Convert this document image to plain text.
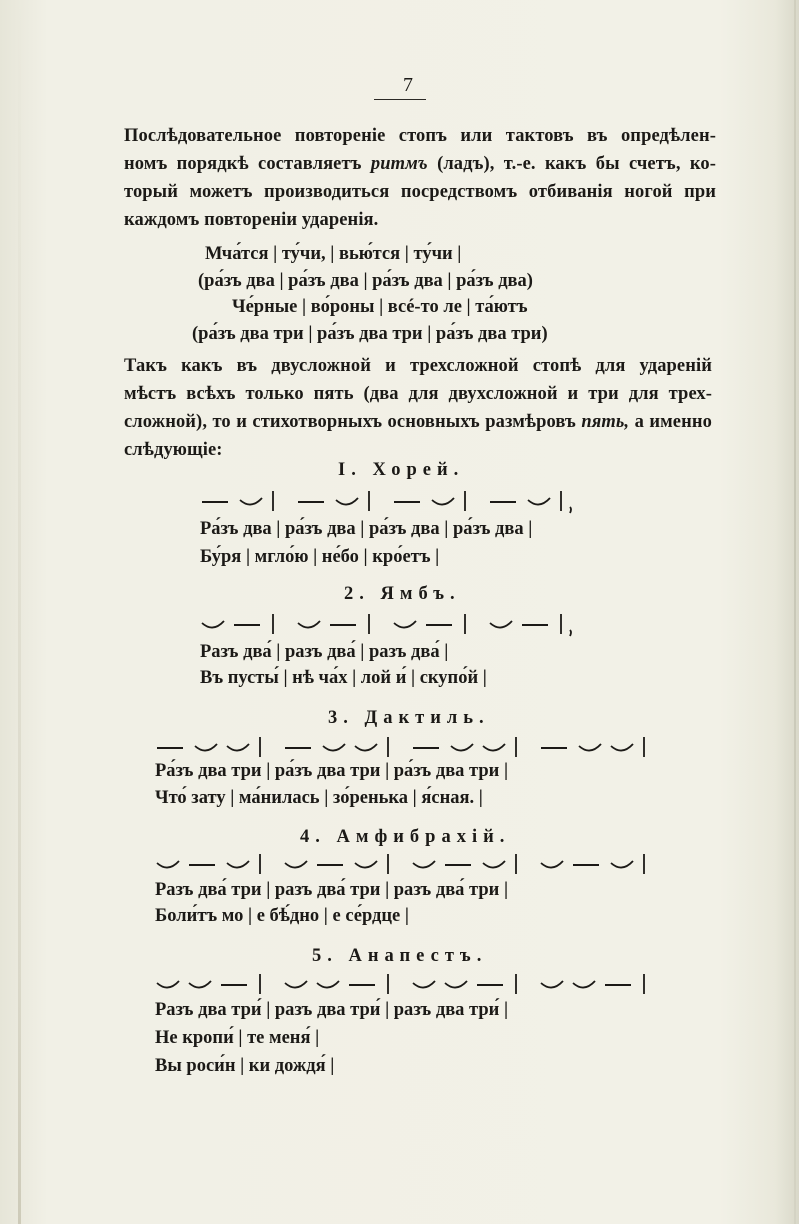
7
Послѣдовательное повтореніе стопъ или тактовъ въ опредѣлен-
номъ порядкѣ составляетъ ритмъ (ладъ), т.-е. какъ бы счетъ, ко-
торый можетъ производиться посредствомъ отбиванія ногой при
каждомъ повтореніи ударенія.
Мча́тся | ту́чи, | вью́тся | ту́чи |
(ра́зъ два | ра́зъ два | ра́зъ два | ра́зъ два)
Че́рные | во́роны | всé-то ле | та́ютъ
(ра́зъ два три | ра́зъ два три | ра́зъ два три)
Такъ какъ въ двусложной и трехсложной стопѣ для удареній
мѣстъ всѣхъ только пять (два для двухсложной и три для трех-
сложной), то и стихотворныхъ основныхъ размѣровъ пять, а именно
слѣдующіе:
I. Хорей.
Ра́зъ два | ра́зъ два | ра́зъ два | ра́зъ два |
Бу́ря | мгло́ю | не́бо | кро́етъ |
2. Ямбъ.
Разъ два́ | разъ два́ | разъ два́ |
Въ пусты́ | нѣ ча́х | лой и́ | скупо́й |
3. Дактиль.
Ра́зъ два три | ра́зъ два три | ра́зъ два три |
Что́ зату | ма́нилась | зо́ренька | я́сная. |
4. Амфибрахій.
Разъ два́ три | разъ два́ три | разъ два́ три |
Боли́тъ мо | е бѣ́дно | е се́рдце |
5. Анапестъ.
Разъ два три́ | разъ два три́ | разъ два три́ |
Не кропи́ | те меня́ |
Вы роси́н | ки дождя́ |
